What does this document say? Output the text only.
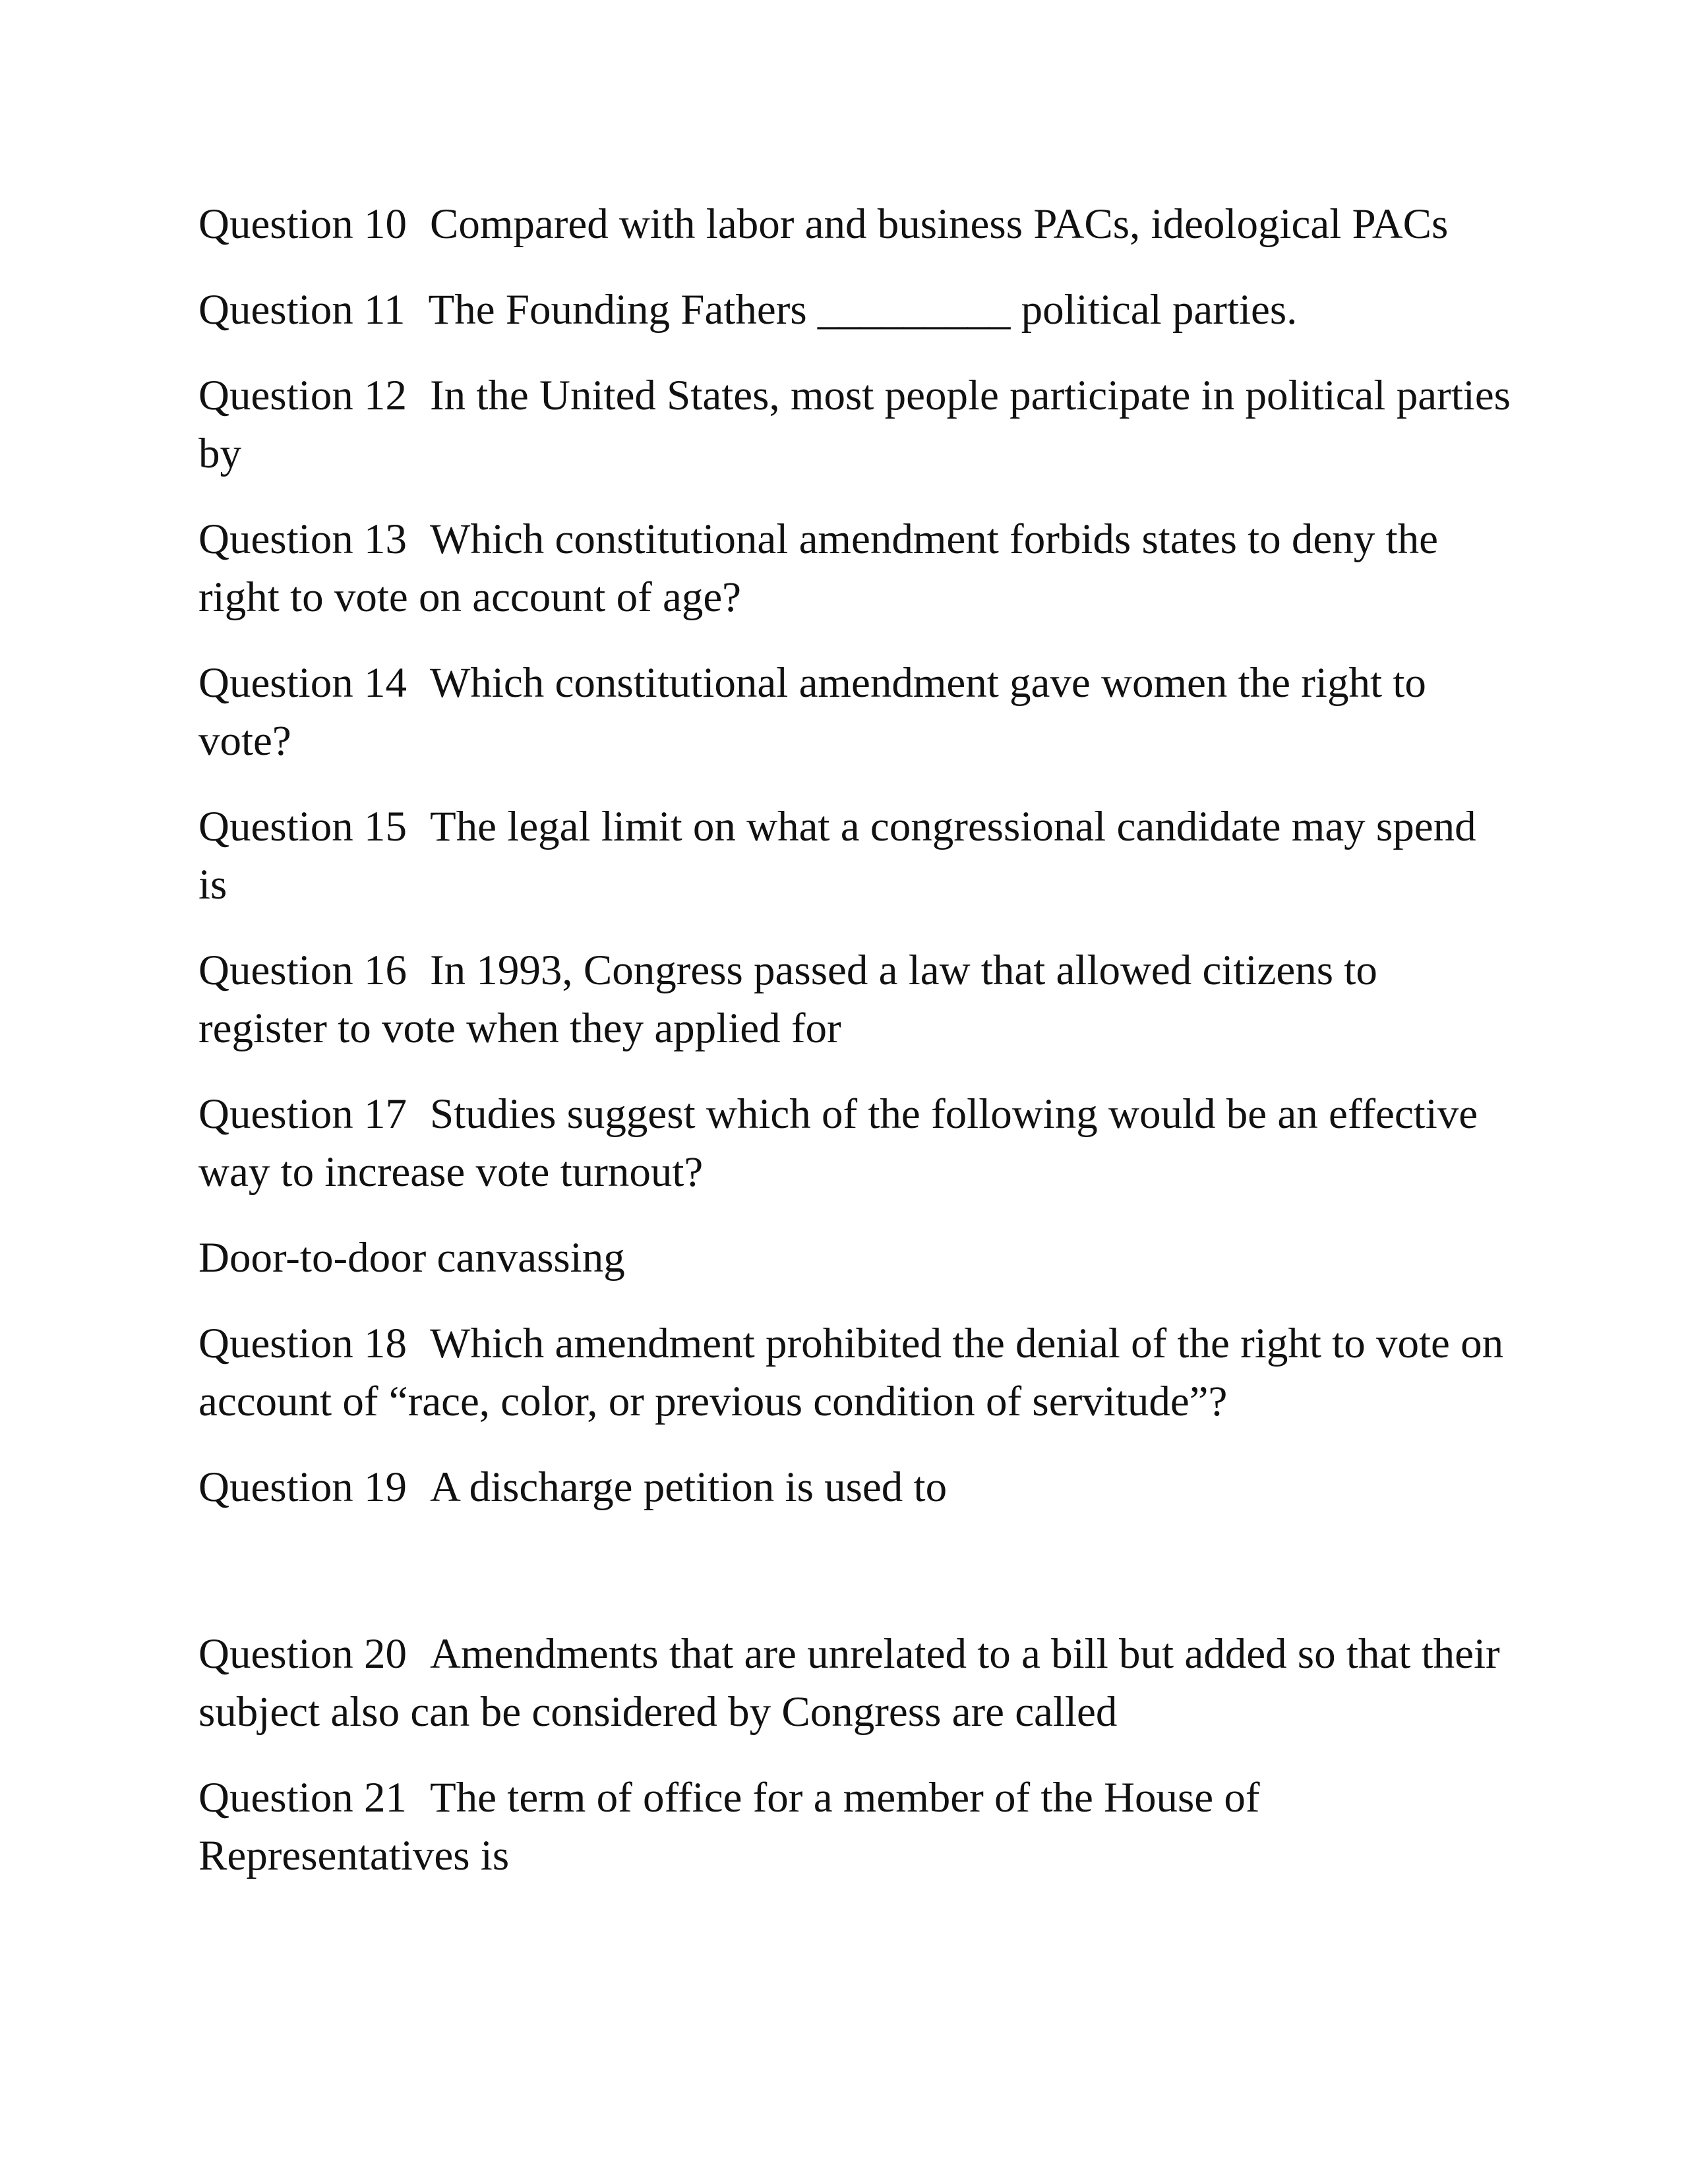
Question 10 Compared with labor and business PACs, ideological PACs

Question 11 The Founding Fathers _________ political parties.

Question 12 In the United States, most people participate in political parties by

Question 13 Which constitutional amendment forbids states to deny the right to vote on account of age?

Question 14 Which constitutional amendment gave women the right to vote?

Question 15 The legal limit on what a congressional candidate may spend is

Question 16 In 1993, Congress passed a law that allowed citizens to register to vote when they applied for

Question 17 Studies suggest which of the following would be an effective way to increase vote turnout?

Door-to-door canvassing

Question 18 Which amendment prohibited the denial of the right to vote on account of “race, color, or previous condition of servitude”?

Question 19 A discharge petition is used to

Question 20 Amendments that are unrelated to a bill but added so that their subject also can be considered by Congress are called

Question 21 The term of office for a member of the House of Representatives is
